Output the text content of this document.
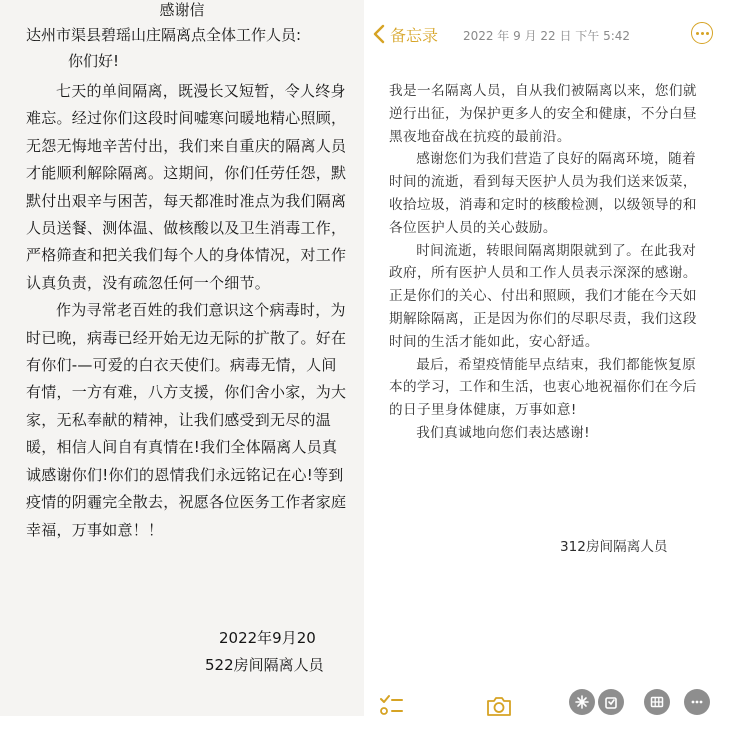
感谢信
达州市渠县碧瑶山庄隔离点全体工作人员:
你们好!

七天的单间隔离，既漫长又短暂，令人终身难忘。经过你们这段时间嘘寒问暖地精心照顾，无怨无悔地辛苦付出，我们来自重庆的隔离人员才能顺利解除隔离。这期间，你们任劳任怨，默默付出艰辛与困苦，每天都准时准点为我们隔离人员送餐、测体温、做核酸以及卫生消毒工作，严格筛查和把关我们每个人的身体情况，对工作认真负责，没有疏忽任何一个细节。

作为寻常老百姓的我们意识这个病毒时，为时已晚，病毒已经开始无边无际的扩散了。好在有你们-—可爱的白衣天使们。病毒无情，人间有情，一方有难，八方支援，你们舍小家，为大家，无私奉献的精神，让我们感受到无尽的温暖，相信人间自有真情在!我们全体隔离人员真诚感谢你们!你们的恩情我们永远铭记在心!等到疫情的阴霾完全散去，祝愿各位医务工作者家庭幸福，万事如意！！

2022年9月20
522房间隔离人员
备忘录	2022 年 9 月 22 日 下午 5:42

我是一名隔离人员，自从我们被隔离以来，您们就逆行出征，为保护更多人的安全和健康，不分白昼黑夜地奋战在抗疫的最前沿。

感谢您们为我们营造了良好的隔离环境，随着时间的流逝，看到每天医护人员为我们送来饭菜，收拾垃圾，消毒和定时的核酸检测，以级领导的和各位医护人员的关心鼓励。

时间流逝，转眼间隔离期限就到了。在此我对政府，所有医护人员和工作人员表示深深的感谢。正是你们的关心、付出和照顾，我们才能在今天如期解除隔离，正是因为你们的尽职尽责，我们这段时间的生活才能如此，安心舒适。

最后，希望疫情能早点结束，我们都能恢复原本的学习，工作和生活，也衷心地祝福你们在今后的日子里身体健康，万事如意!

我们真诚地向您们表达感谢!

312房间隔离人员
